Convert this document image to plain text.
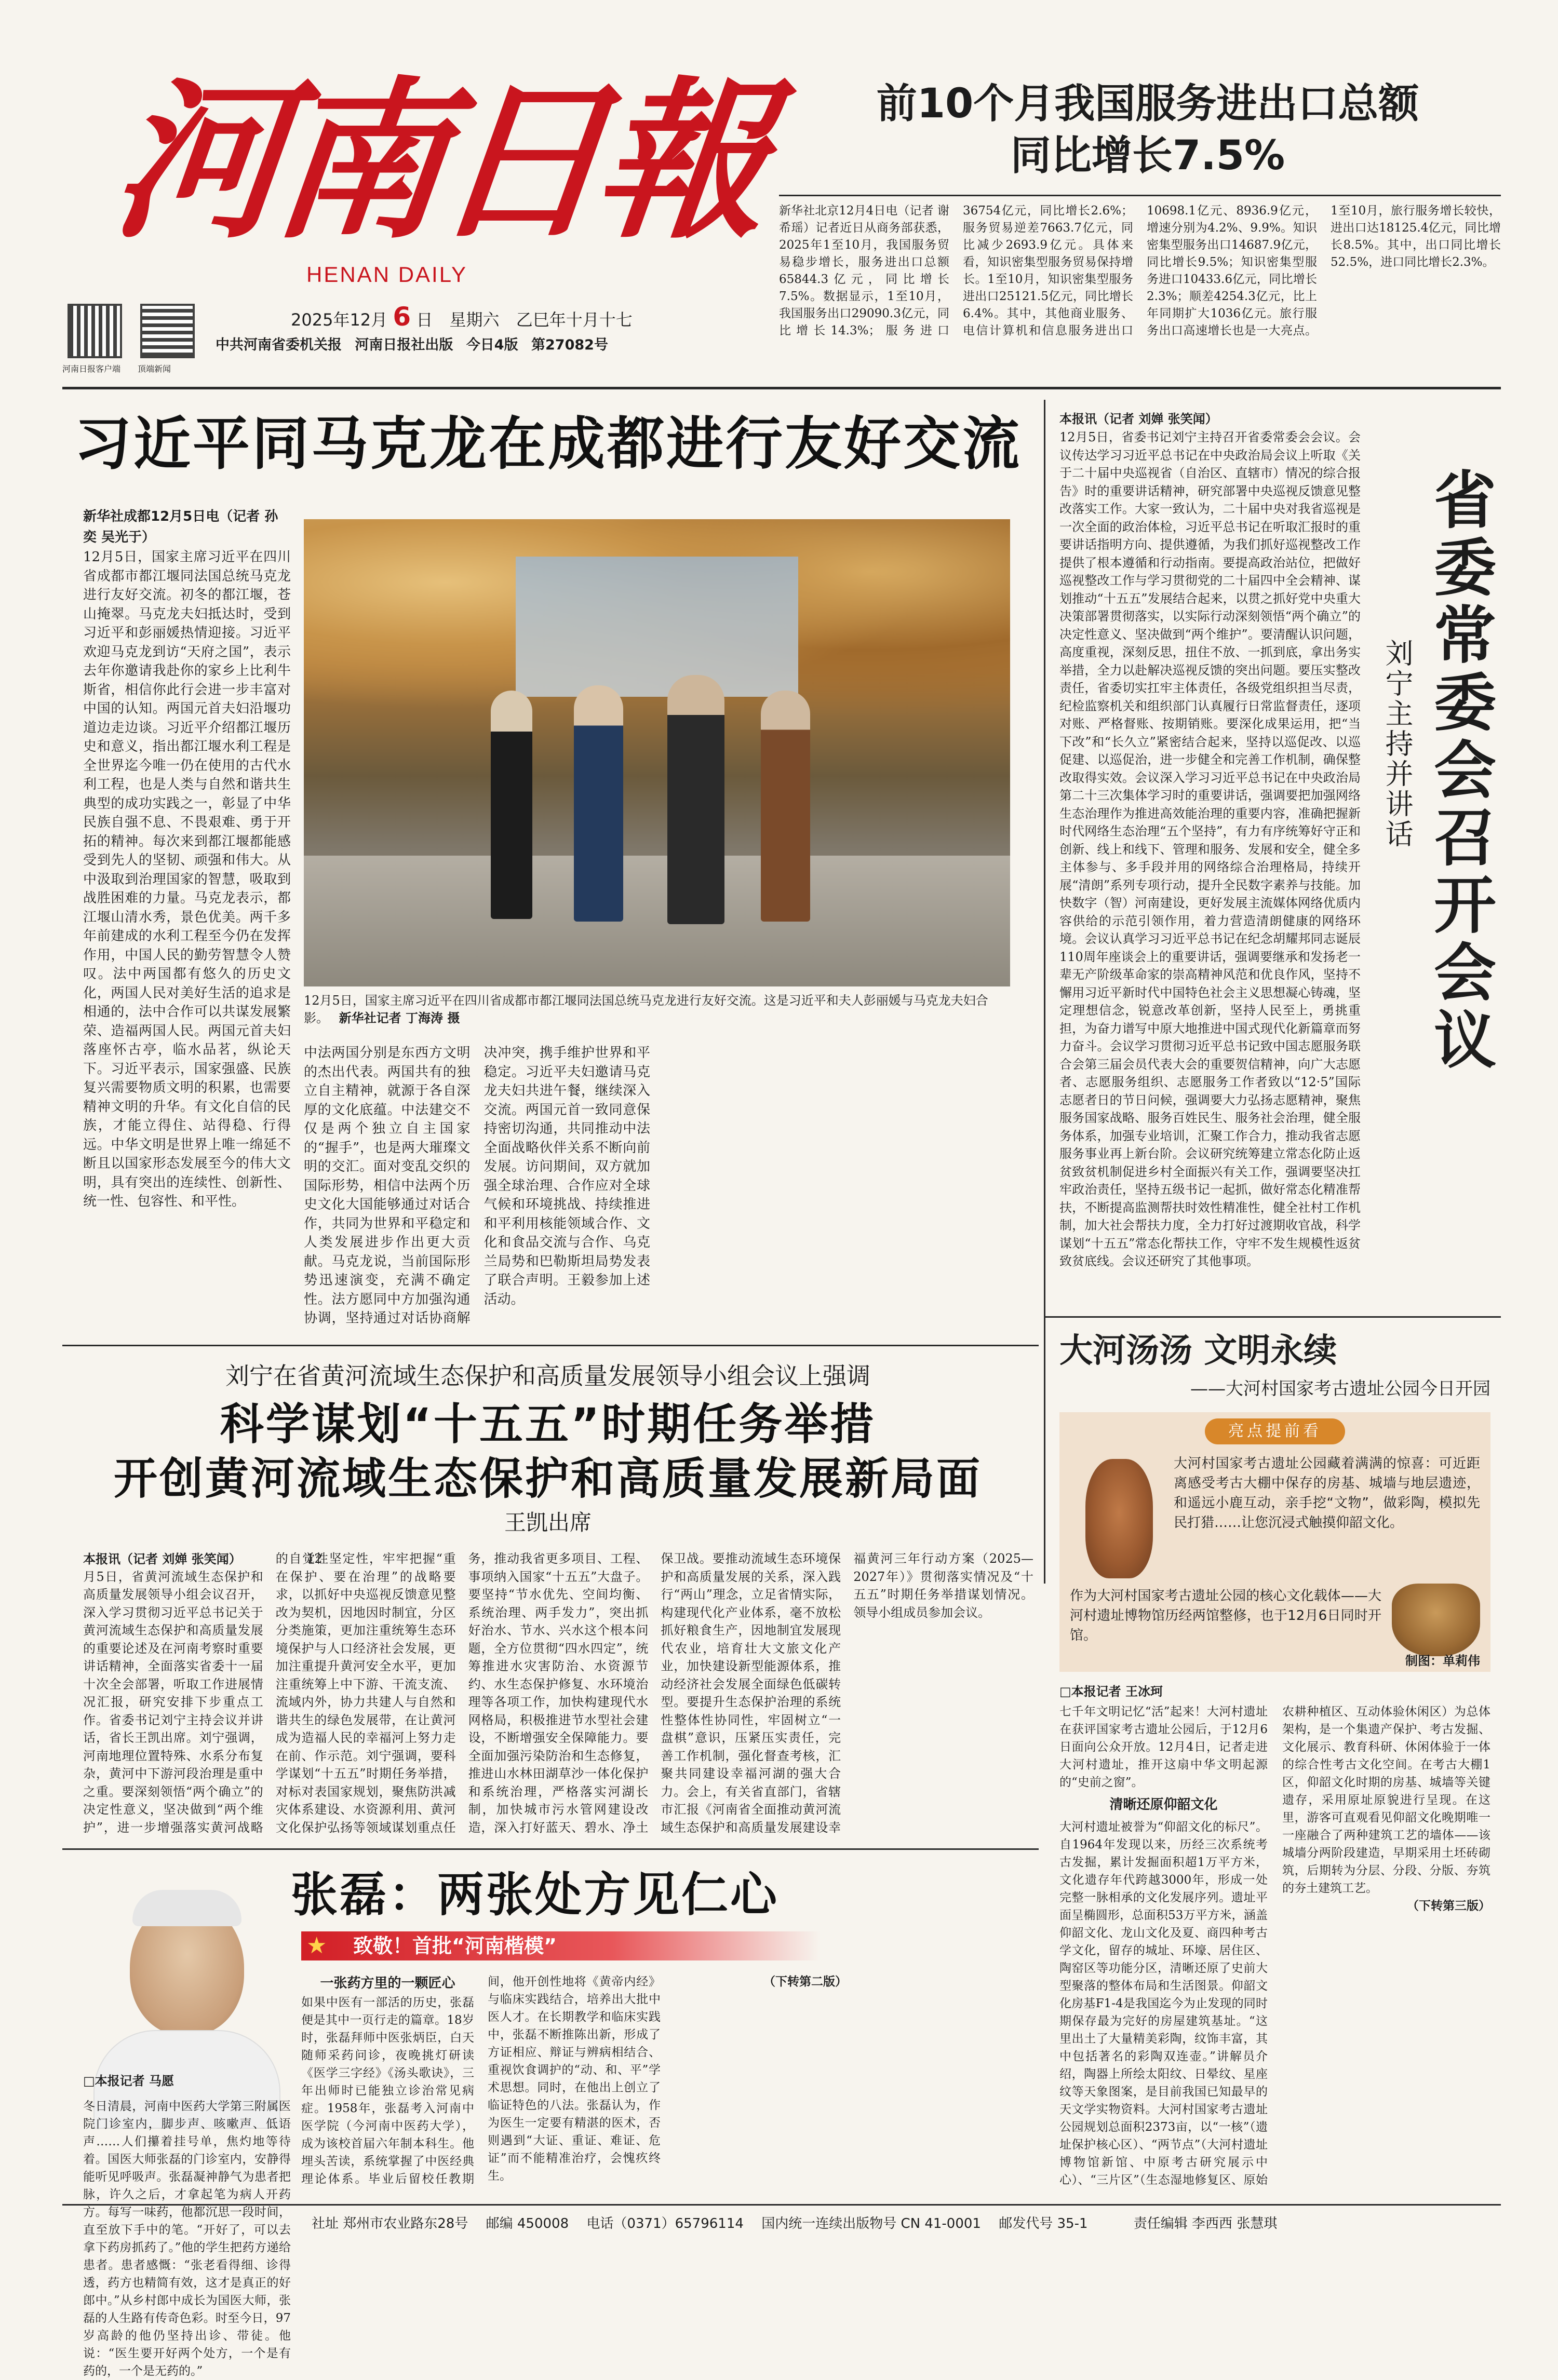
河南日報
HENAN DAILY
河南日报客户端	顶端新闻
2025年12月 6 日 星期六 乙巳年十月十七
中共河南省委机关报 河南日报社出版 今日4版 第27082号
前10个月我国服务进出口总额
同比增长7.5%

新华社北京12月4日电（记者 谢希瑶）记者近日从商务部获悉，2025年1至10月，我国服务贸易稳步增长，服务进出口总额65844.3亿元，同比增长7.5%。数据显示，1至10月，我国服务出口29090.3亿元，同比增长14.3%；服务进口36754亿元，同比增长2.6%；服务贸易逆差7663.7亿元，同比减少2693.9亿元。具体来看，知识密集型服务贸易保持增长。1至10月，知识密集型服务进出口25121.5亿元，同比增长6.4%。其中，其他商业服务、电信计算机和信息服务进出口10698.1亿元、8936.9亿元，增速分别为4.2%、9.9%。知识密集型服务出口14687.9亿元，同比增长9.5%；知识密集型服务进口10433.6亿元，同比增长2.3%；顺差4254.3亿元，比上年同期扩大1036亿元。旅行服务出口高速增长也是一大亮点。1至10月，旅行服务增长较快，进出口达18125.4亿元，同比增长8.5%。其中，出口同比增长52.5%，进口同比增长2.3%。

习近平同马克龙在成都进行友好交流
新华社成都12月5日电（记者 孙奕 吴光于）

12月5日，国家主席习近平在四川省成都市都江堰同法国总统马克龙进行友好交流。初冬的都江堰，苍山掩翠。马克龙夫妇抵达时，受到习近平和彭丽媛热情迎接。习近平欢迎马克龙到访“天府之国”，表示去年你邀请我赴你的家乡上比利牛斯省，相信你此行会进一步丰富对中国的认知。两国元首夫妇沿堰功道边走边谈。习近平介绍都江堰历史和意义，指出都江堰水利工程是全世界迄今唯一仍在使用的古代水利工程，也是人类与自然和谐共生典型的成功实践之一，彰显了中华民族自强不息、不畏艰难、勇于开拓的精神。每次来到都江堰都能感受到先人的坚韧、顽强和伟大。从中汲取到治理国家的智慧，吸取到战胜困难的力量。马克龙表示，都江堰山清水秀，景色优美。两千多年前建成的水利工程至今仍在发挥作用，中国人民的勤劳智慧令人赞叹。法中两国都有悠久的历史文化，两国人民对美好生活的追求是相通的，法中合作可以共谋发展繁荣、造福两国人民。两国元首夫妇落座怀古亭，临水品茗，纵论天下。习近平表示，国家强盛、民族复兴需要物质文明的积累，也需要精神文明的升华。有文化自信的民族，才能立得住、站得稳、行得远。中华文明是世界上唯一绵延不断且以国家形态发展至今的伟大文明，具有突出的连续性、创新性、统一性、包容性、和平性。

12月5日，国家主席习近平在四川省成都市都江堰同法国总统马克龙进行友好交流。这是习近平和夫人彭丽媛与马克龙夫妇合影。 新华社记者 丁海涛 摄

中法两国分别是东西方文明的杰出代表。两国共有的独立自主精神，就源于各自深厚的文化底蕴。中法建交不仅是两个独立自主国家的“握手”，也是两大璀璨文明的交汇。面对变乱交织的国际形势，相信中法两个历史文化大国能够通过对话合作，共同为世界和平稳定和人类发展进步作出更大贡献。马克龙说，当前国际形势迅速演变，充满不确定性。法方愿同中方加强沟通协调，坚持通过对话协商解决冲突，携手维护世界和平稳定。习近平夫妇邀请马克龙夫妇共进午餐，继续深入交流。两国元首一致同意保持密切沟通，共同推动中法全面战略伙伴关系不断向前发展。访问期间，双方就加强全球治理、合作应对全球气候和环境挑战、持续推进和平利用核能领域合作、文化和食品交流与合作、乌克兰局势和巴勒斯坦局势发表了联合声明。王毅参加上述活动。

本报讯（记者 刘婵 张笑闻）

12月5日，省委书记刘宁主持召开省委常委会会议。会议传达学习习近平总书记在中央政治局会议上听取《关于二十届中央巡视省（自治区、直辖市）情况的综合报告》时的重要讲话精神，研究部署中央巡视反馈意见整改落实工作。大家一致认为，二十届中央对我省巡视是一次全面的政治体检，习近平总书记在听取汇报时的重要讲话指明方向、提供遵循，为我们抓好巡视整改工作提供了根本遵循和行动指南。要提高政治站位，把做好巡视整改工作与学习贯彻党的二十届四中全会精神、谋划推动“十五五”发展结合起来，以贯之抓好党中央重大决策部署贯彻落实，以实际行动深刻领悟“两个确立”的决定性意义、坚决做到“两个维护”。要清醒认识问题，高度重视，深刻反思，扭住不放、一抓到底，拿出务实举措，全力以赴解决巡视反馈的突出问题。要压实整改责任，省委切实扛牢主体责任，各级党组织担当尽责，纪检监察机关和组织部门认真履行日常监督责任，逐项对账、严格督账、按期销账。要深化成果运用，把“当下改”和“长久立”紧密结合起来，坚持以巡促改、以巡促建、以巡促治，进一步健全和完善工作机制，确保整改取得实效。会议深入学习习近平总书记在中央政治局第二十三次集体学习时的重要讲话，强调要把加强网络生态治理作为推进高效能治理的重要内容，准确把握新时代网络生态治理“五个坚持”，有力有序统筹好守正和创新、线上和线下、管理和服务、发展和安全，健全多主体参与、多手段并用的网络综合治理格局，持续开展“清朗”系列专项行动，提升全民数字素养与技能。加快数字（智）河南建设，更好发展主流媒体网络优质内容供给的示范引领作用，着力营造清朗健康的网络环境。会议认真学习习近平总书记在纪念胡耀邦同志诞辰110周年座谈会上的重要讲话，强调要继承和发扬老一辈无产阶级革命家的崇高精神风范和优良作风，坚持不懈用习近平新时代中国特色社会主义思想凝心铸魂，坚定理想信念，锐意改革创新，坚持人民至上，勇挑重担，为奋力谱写中原大地推进中国式现代化新篇章而努力奋斗。会议学习贯彻习近平总书记致中国志愿服务联合会第三届会员代表大会的重要贺信精神，向广大志愿者、志愿服务组织、志愿服务工作者致以“12·5”国际志愿者日的节日问候，强调要大力弘扬志愿精神，聚焦服务国家战略、服务百姓民生、服务社会治理，健全服务体系，加强专业培训，汇聚工作合力，推动我省志愿服务事业再上新台阶。会议研究统筹建立常态化防止返贫致贫机制促进乡村全面振兴有关工作，强调要坚决扛牢政治责任，坚持五级书记一起抓，做好常态化精准帮扶，不断提高监测帮扶时效性精准性，健全社村工作机制，加大社会帮扶力度，全力打好过渡期收官战，科学谋划“十五五”常态化帮扶工作，守牢不发生规模性返贫致贫底线。会议还研究了其他事项。

省委常委会召开会议
刘宁主持并讲话
刘宁在省黄河流域生态保护和高质量发展领导小组会议上强调
科学谋划“十五五”时期任务举措
开创黄河流域生态保护和高质量发展新局面
王凯出席
本报讯（记者 刘婵 张笑闻）	12月5日，省黄河流域生态保护和高质量发展领导小组会议召开，深入学习贯彻习近平总书记关于黄河流域生态保护和高质量发展的重要论述及在河南考察时重要讲话精神，全面落实省委十一届十次全会部署，听取工作进展情况汇报，研究安排下步重点工作。省委书记刘宁主持会议并讲话，省长王凯出席。刘宁强调，河南地理位置特殊、水系分布复杂，黄河中下游河段治理是重中之重。要深刻领悟“两个确立”的决定性意义，坚决做到“两个维护”，进一步增强落实黄河战略的自觉性坚定性，牢牢把握“重在保护、要在治理”的战略要求，以抓好中央巡视反馈意见整改为契机，因地因时制宜，分区分类施策，更加注重统筹生态环境保护与人口经济社会发展，更加注重提升黄河安全水平，更加注重统筹上中下游、干流支流、流域内外，协力共建人与自然和谐共生的绿色发展带，在让黄河成为造福人民的幸福河上努力走在前、作示范。刘宁强调，要科学谋划“十五五”时期任务举措，对标对表国家规划，聚焦防洪减灾体系建设、水资源利用、黄河文化保护弘扬等领域谋划重点任务，推动我省更多项目、工程、事项纳入国家“十五五”大盘子。要坚持“节水优先、空间均衡、系统治理、两手发力”，突出抓好治水、节水、兴水这个根本问题，全方位贯彻“四水四定”，统筹推进水灾害防治、水资源节约、水生态保护修复、水环境治理等各项工作，加快构建现代水网格局，积极推进节水型社会建设，不断增强安全保障能力。要全面加强污染防治和生态修复，推进山水林田湖草沙一体化保护和系统治理，严格落实河湖长制，加快城市污水管网建设改造，深入打好蓝天、碧水、净土保卫战。要推动流域生态环境保护和高质量发展的关系，深入践行“两山”理念，立足省情实际，构建现代化产业体系，毫不放松抓好粮食生产，因地制宜发展现代农业，培育壮大文旅文化产业，加快建设新型能源体系，推动经济社会发展全面绿色低碳转型。要提升生态保护治理的系统性整体性协同性，牢固树立“一盘棋”意识，压紧压实责任，完善工作机制，强化督查考核，汇聚共同建设幸福河湖的强大合力。会上，有关省直部门，省辖市汇报《河南省全面推动黄河流域生态保护和高质量发展建设幸福黄河三年行动方案（2025—2027年）》贯彻落实情况及“十五五”时期任务举措谋划情况。领导小组成员参加会议。

大河汤汤 文明永续
——大河村国家考古遗址公园今日开园
亮点提前看
大河村国家考古遗址公园藏着满满的惊喜：可近距离感受考古大棚中保存的房基、城墙与地层遗迹，和遥远小鹿互动，亲手挖“文物”，做彩陶，模拟先民打猎……让您沉浸式触摸仰韶文化。
作为大河村国家考古遗址公园的核心文化载体——大河村遗址博物馆历经两馆整修，也于12月6日同时开馆。
制图：单莉伟
□本报记者 王冰珂

七千年文明记忆“活”起来！大河村遗址在获评国家考古遗址公园后，于12月6日面向公众开放。12月4日，记者走进大河村遗址，推开这扇中华文明起源的“史前之窗”。

清晰还原仰韶文化

大河村遗址被誉为“仰韶文化的标尺”。自1964年发现以来，历经三次系统考古发掘，累计发掘面积超1万平方米，文化遗存年代跨越3000年，形成一处完整一脉相承的文化发展序列。遗址平面呈椭圆形，总面积53万平方米，涵盖仰韶文化、龙山文化及夏、商四种考古学文化，留存的城址、环壕、居住区、陶窑区等功能分区，清晰还原了史前大型聚落的整体布局和生活图景。仰韶文化房基F1-4是我国迄今为止发现的同时期保存最为完好的房屋建筑基址。“这里出土了大量精美彩陶，纹饰丰富，其中包括著名的彩陶双连壶。”讲解员介绍，陶器上所绘太阳纹、日晕纹、星座纹等天象图案，是目前我国已知最早的天文学实物资料。大河村国家考古遗址公园规划总面积2373亩，以“一核”（遗址保护核心区）、“两节点”（大河村遗址博物馆新馆、中原考古研究展示中心）、“三片区”（生态湿地修复区、原始农耕种植区、互动体验休闲区）为总体架构，是一个集遗产保护、考古发掘、文化展示、教育科研、休闲体验于一体的综合性考古文化空间。在考古大棚1区，仰韶文化时期的房基、城墙等关键遗存，采用原址原貌进行呈现。在这里，游客可直观看见仰韶文化晚期唯一一座融合了两种建筑工艺的墙体——该城墙分两阶段建造，早期采用土坯砖砌筑，后期转为分层、分段、分版、夯筑的夯土建筑工艺。

（下转第三版）

张磊：两张处方见仁心
★ 致敬！首批“河南楷模”
□本报记者 马愿

冬日清晨，河南中医药大学第三附属医院门诊室内，脚步声、咳嗽声、低语声……人们攥着挂号单，焦灼地等待着。国医大师张磊的门诊室内，安静得能听见呼吸声。张磊凝神静气为患者把脉，许久之后，才拿起笔为病人开药方。每写一味药，他都沉思一段时间，直至放下手中的笔。“开好了，可以去拿下药房抓药了。”他的学生把药方递给患者。患者感慨：“张老看得细、诊得透，药方也精简有效，这才是真正的好郎中。”从乡村郎中成长为国医大师，张磊的人生路有传奇色彩。时至今日，97岁高龄的他仍坚持出诊、带徒。他说：“医生要开好两个处方，一个是有药的，一个是无药的。”

一张药方里的一颗匠心

如果中医有一部活的历史，张磊便是其中一页行走的篇章。18岁时，张磊拜师中医张炳臣，白天随师采药问诊，夜晚挑灯研读《医学三字经》《汤头歌诀》，三年出师时已能独立诊治常见病症。1958年，张磊考入河南中医学院（今河南中医药大学），成为该校首届六年制本科生。他埋头苦读，系统掌握了中医经典理论体系。毕业后留校任教期间，他开创性地将《黄帝内经》与临床实践结合，培养出大批中医人才。在长期教学和临床实践中，张磊不断推陈出新，形成了方证相应、辩证与辨病相结合、重视饮食调护的“动、和、平”学术思想。同时，在他出上创立了临证特色的八法。张磊认为，作为医生一定要有精湛的医术，否则遇到“大证、重证、难证、危证”而不能精准治疗，会愧疚终生。

（下转第二版）

社址 郑州市农业路东28号 邮编 450008 电话（0371）65796114 国内统一连续出版物号 CN 41-0001 邮发代号 35-1	责任编辑 李西西 张慧琪
